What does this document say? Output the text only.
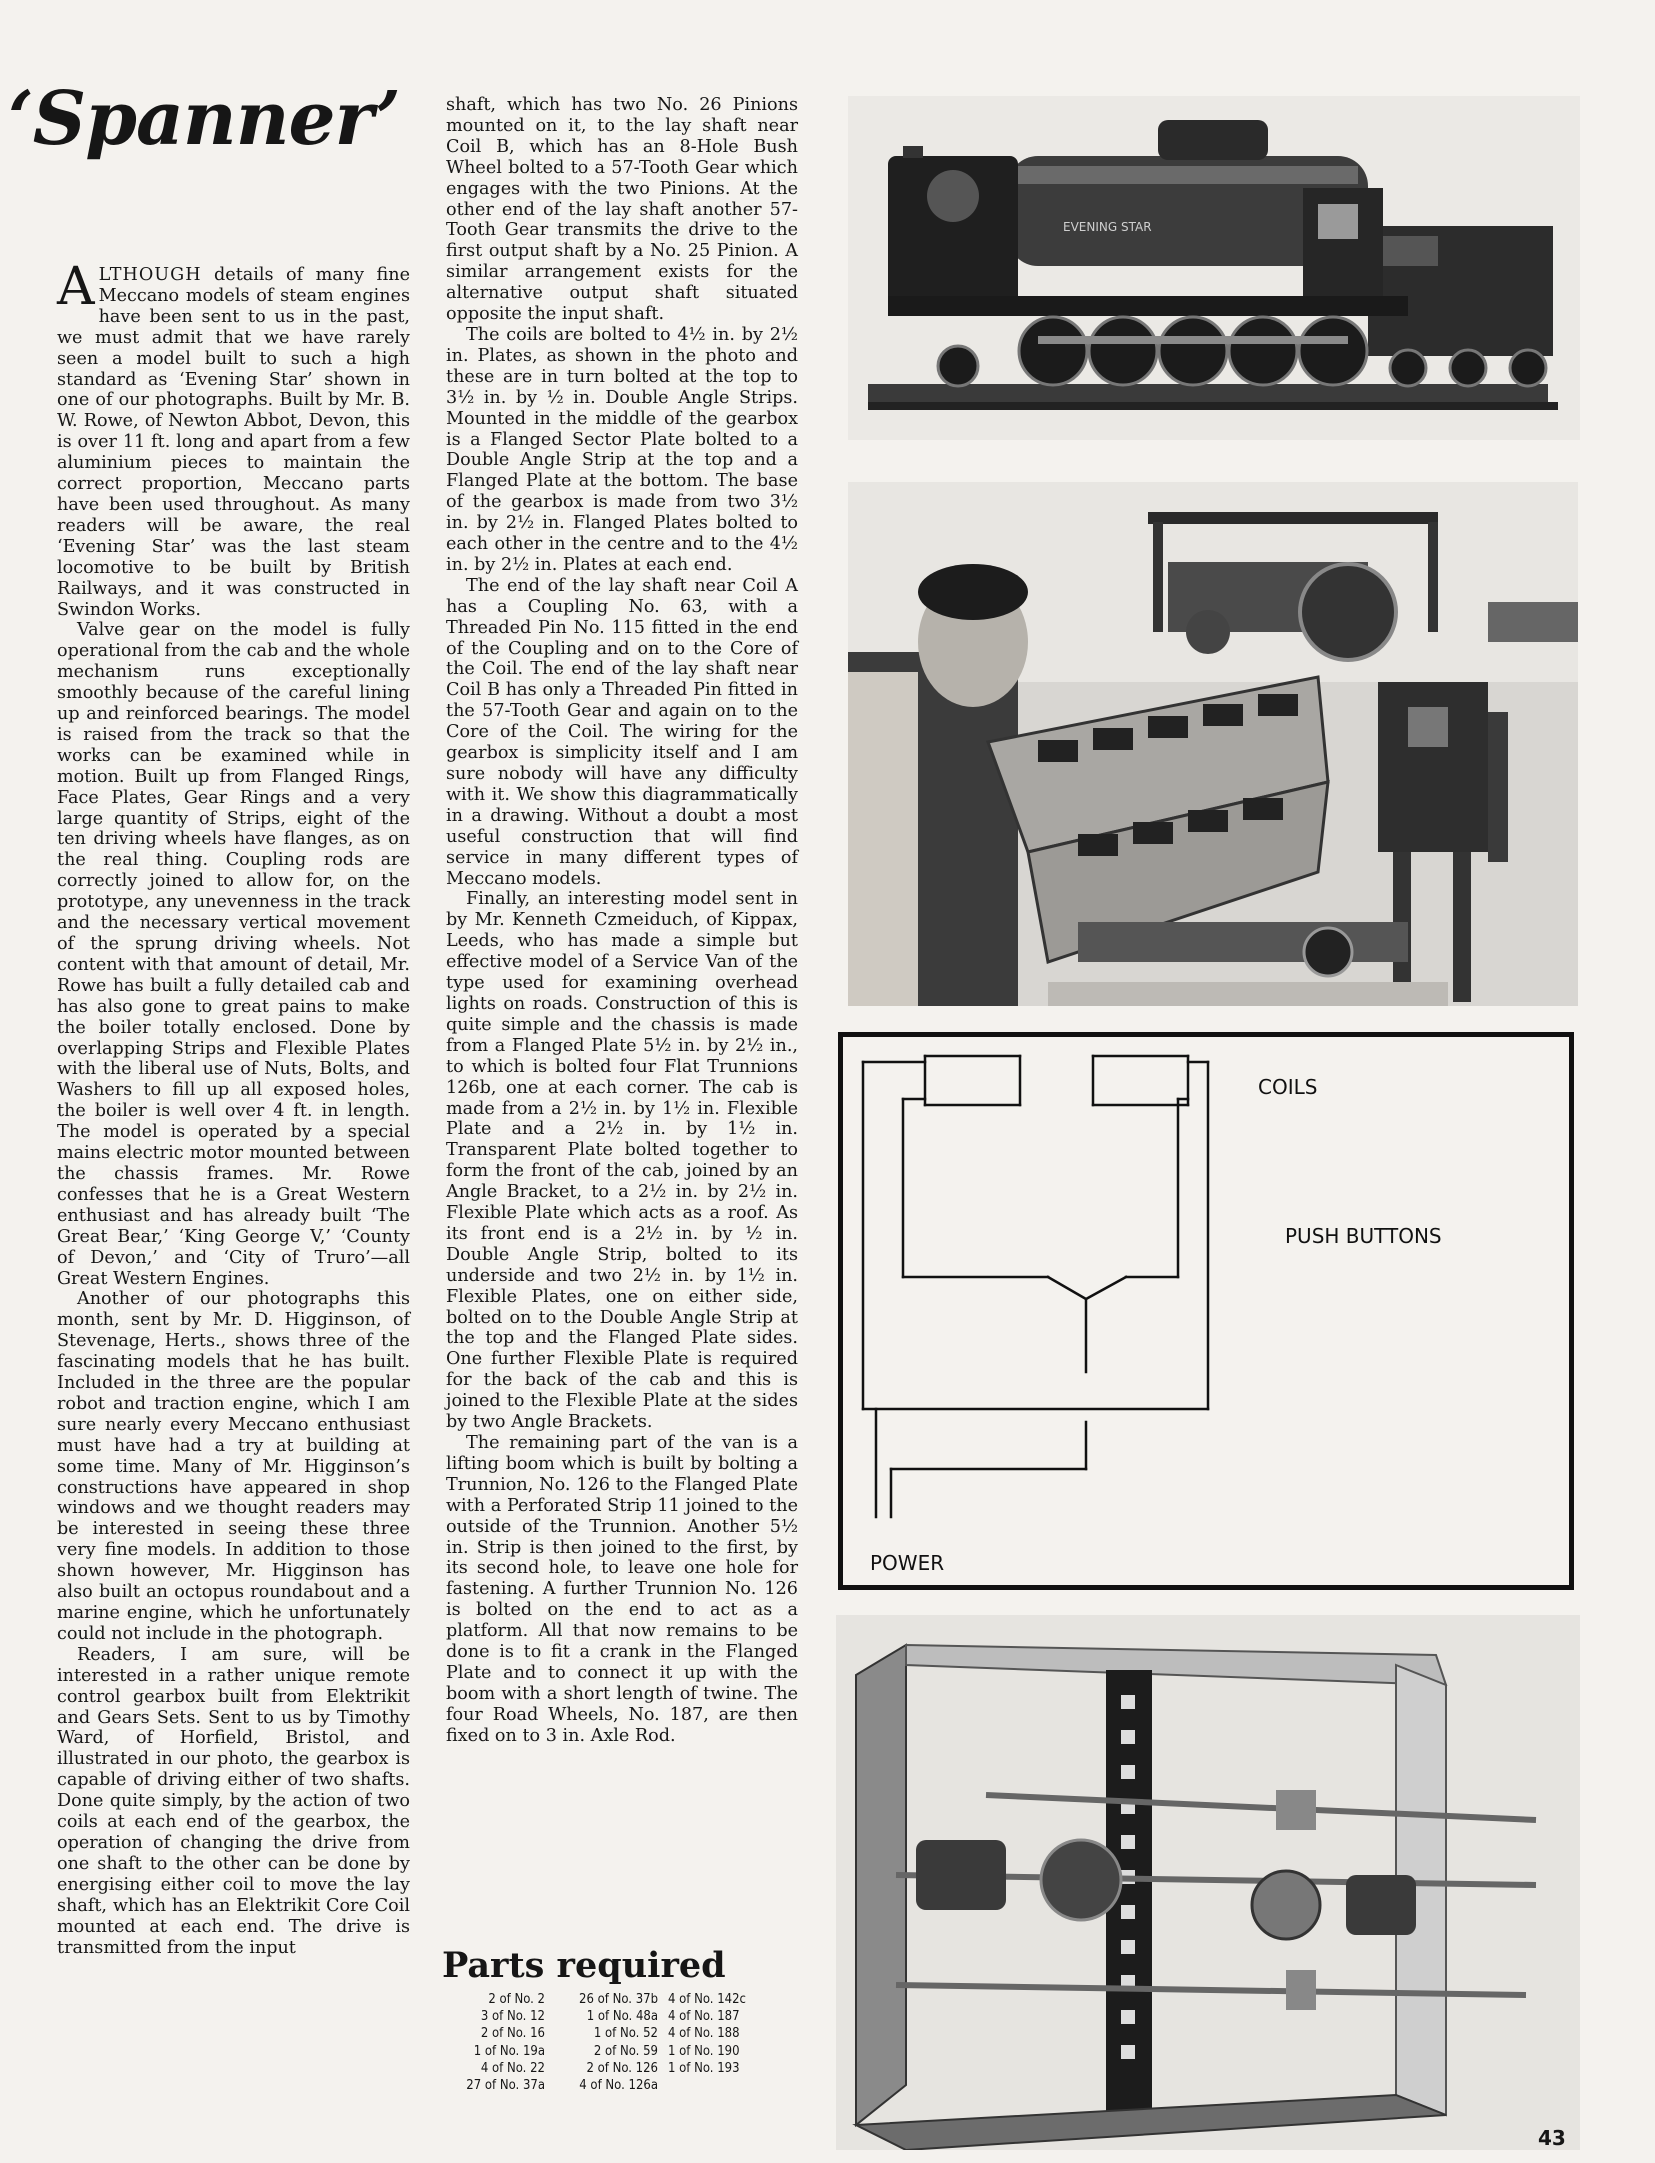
‘Spanner’

ALTHOUGH details of many fine Meccano models of steam engines have been sent to us in the past, we must admit that we have rarely seen a model built to such a high standard as ‘Evening Star’ shown in one of our photographs. Built by Mr. B. W. Rowe, of Newton Abbot, Devon, this is over 11 ft. long and apart from a few aluminium pieces to maintain the correct proportion, Meccano parts have been used throughout. As many readers will be aware, the real ‘Evening Star’ was the last steam locomotive to be built by British Railways, and it was constructed in Swindon Works.

Valve gear on the model is fully operational from the cab and the whole mechanism runs exceptionally smoothly because of the careful lining up and reinforced bearings. The model is raised from the track so that the works can be examined while in motion. Built up from Flanged Rings, Face Plates, Gear Rings and a very large quantity of Strips, eight of the ten driving wheels have flanges, as on the real thing. Coupling rods are correctly joined to allow for, on the prototype, any unevenness in the track and the necessary vertical movement of the sprung driving wheels. Not content with that amount of detail, Mr. Rowe has built a fully detailed cab and has also gone to great pains to make the boiler totally enclosed. Done by overlapping Strips and Flexible Plates with the liberal use of Nuts, Bolts, and Washers to fill up all exposed holes, the boiler is well over 4 ft. in length. The model is operated by a special mains electric motor mounted between the chassis frames. Mr. Rowe confesses that he is a Great Western enthusiast and has already built ‘The Great Bear,’ ‘King George V,’ ‘County of Devon,’ and ‘City of Truro’—all Great Western Engines.

Another of our photographs this month, sent by Mr. D. Higginson, of Stevenage, Herts., shows three of the fascinating models that he has built. Included in the three are the popular robot and traction engine, which I am sure nearly every Meccano enthusiast must have had a try at building at some time. Many of Mr. Higginson’s constructions have appeared in shop windows and we thought readers may be interested in seeing these three very fine models. In addition to those shown however, Mr. Higginson has also built an octopus roundabout and a marine engine, which he unfortunately could not include in the photograph.

Readers, I am sure, will be interested in a rather unique remote control gearbox built from Elektrikit and Gears Sets. Sent to us by Timothy Ward, of Horfield, Bristol, and illustrated in our photo, the gearbox is capable of driving either of two shafts. Done quite simply, by the action of two coils at each end of the gearbox, the operation of changing the drive from one shaft to the other can be done by energising either coil to move the lay shaft, which has an Elektrikit Core Coil mounted at each end. The drive is transmitted from the input

shaft, which has two No. 26 Pinions mounted on it, to the lay shaft near Coil B, which has an 8-Hole Bush Wheel bolted to a 57-Tooth Gear which engages with the two Pinions. At the other end of the lay shaft another 57-Tooth Gear transmits the drive to the first output shaft by a No. 25 Pinion. A similar arrangement exists for the alternative output shaft situated opposite the input shaft.

The coils are bolted to 4½ in. by 2½ in. Plates, as shown in the photo and these are in turn bolted at the top to 3½ in. by ½ in. Double Angle Strips. Mounted in the middle of the gearbox is a Flanged Sector Plate bolted to a Double Angle Strip at the top and a Flanged Plate at the bottom. The base of the gearbox is made from two 3½ in. by 2½ in. Flanged Plates bolted to each other in the centre and to the 4½ in. by 2½ in. Plates at each end.

The end of the lay shaft near Coil A has a Coupling No. 63, with a Threaded Pin No. 115 fitted in the end of the Coupling and on to the Core of the Coil. The end of the lay shaft near Coil B has only a Threaded Pin fitted in the 57-Tooth Gear and again on to the Core of the Coil. The wiring for the gearbox is simplicity itself and I am sure nobody will have any difficulty with it. We show this diagrammatically in a drawing. Without a doubt a most useful construction that will find service in many different types of Meccano models.

Finally, an interesting model sent in by Mr. Kenneth Czmeiduch, of Kippax, Leeds, who has made a simple but effective model of a Service Van of the type used for examining overhead lights on roads. Construction of this is quite simple and the chassis is made from a Flanged Plate 5½ in. by 2½ in., to which is bolted four Flat Trunnions 126b, one at each corner. The cab is made from a 2½ in. by 1½ in. Flexible Plate and a 2½ in. by 1½ in. Transparent Plate bolted together to form the front of the cab, joined by an Angle Bracket, to a 2½ in. by 2½ in. Flexible Plate which acts as a roof. As its front end is a 2½ in. by ½ in. Double Angle Strip, bolted to its underside and two 2½ in. by 1½ in. Flexible Plates, one on either side, bolted on to the Double Angle Strip at the top and the Flanged Plate sides. One further Flexible Plate is required for the back of the cab and this is joined to the Flexible Plate at the sides by two Angle Brackets.

The remaining part of the van is a lifting boom which is built by bolting a Trunnion, No. 126 to the Flanged Plate with a Perforated Strip 11 joined to the outside of the Trunnion. Another 5½ in. Strip is then joined to the first, by its second hole, to leave one hole for fastening. A further Trunnion No. 126 is bolted on the end to act as a platform. All that now remains to be done is to fit a crank in the Flanged Plate and to connect it up with the boom with a short length of twine. The four Road Wheels, No. 187, are then fixed on to 3 in. Axle Rod.

Parts required
2 of No. 2
3 of No. 12
2 of No. 16
1 of No. 19a
4 of No. 22
27 of No. 37a
26 of No. 37b
1 of No. 48a
1 of No. 52
2 of No. 59
2 of No. 126
4 of No. 126a
4 of No. 142c
4 of No. 187
4 of No. 188
1 of No. 190
1 of No. 193
EVENING STAR
COILS
PUSH BUTTONS
POWER
43
